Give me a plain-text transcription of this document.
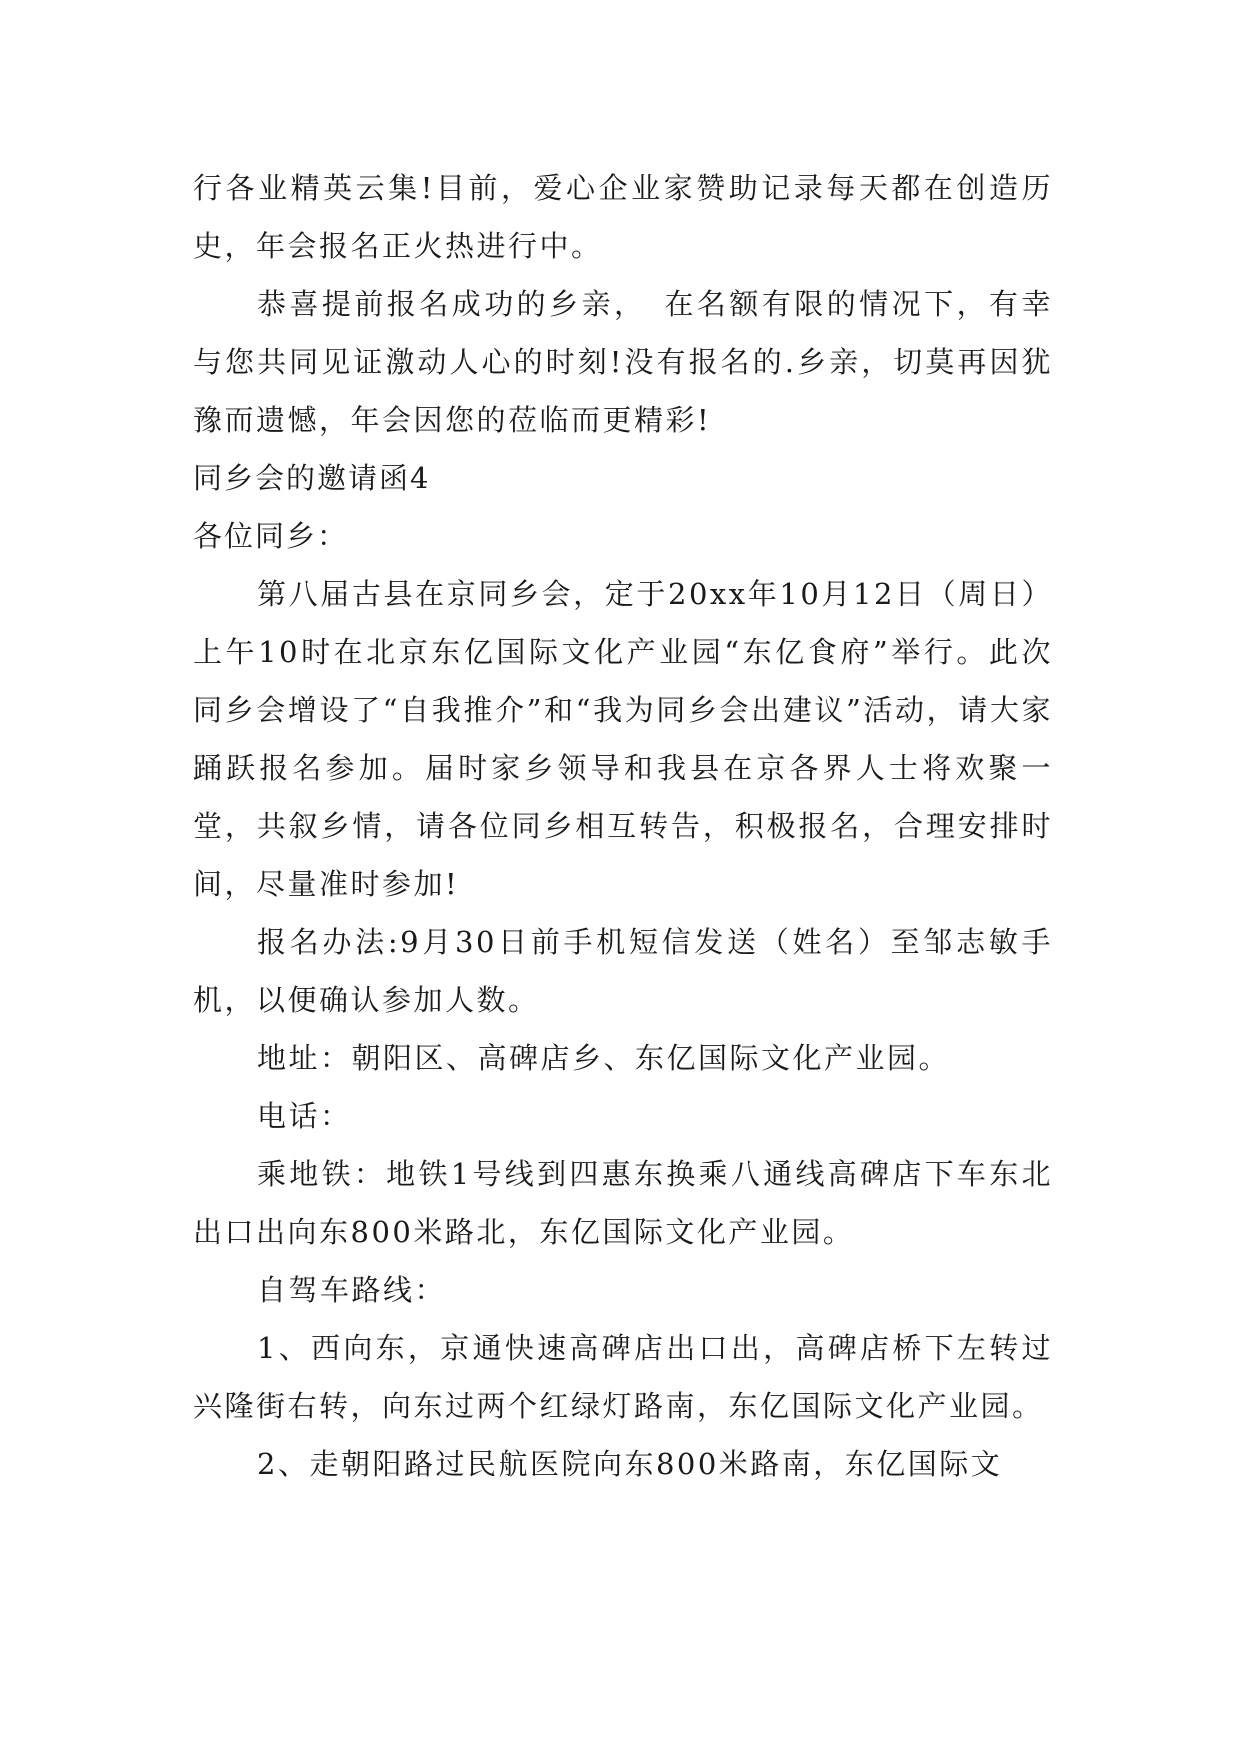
行各业精英云集!目前，爱心企业家赞助记录每天都在创造历史，年会报名正火热进行中。

恭喜提前报名成功的乡亲，　在名额有限的情况下，有幸与您共同见证激动人心的时刻!没有报名的.乡亲，切莫再因犹豫而遗憾，年会因您的莅临而更精彩!

同乡会的邀请函4

各位同乡：

第八届古县在京同乡会，定于20xx年10月12日（周日）上午10时在北京东亿国际文化产业园“东亿食府”举行。此次同乡会增设了“自我推介”和“我为同乡会出建议”活动，请大家踊跃报名参加。届时家乡领导和我县在京各界人士将欢聚一堂，共叙乡情，请各位同乡相互转告，积极报名，合理安排时间，尽量准时参加!

报名办法:9月30日前手机短信发送（姓名）至邹志敏手机，以便确认参加人数。

地址：朝阳区、高碑店乡、东亿国际文化产业园。

电话：

乘地铁：地铁1号线到四惠东换乘八通线高碑店下车东北出口出向东800米路北，东亿国际文化产业园。

自驾车路线：

1、西向东，京通快速高碑店出口出，高碑店桥下左转过兴隆街右转，向东过两个红绿灯路南，东亿国际文化产业园。

2、走朝阳路过民航医院向东800米路南，东亿国际文
